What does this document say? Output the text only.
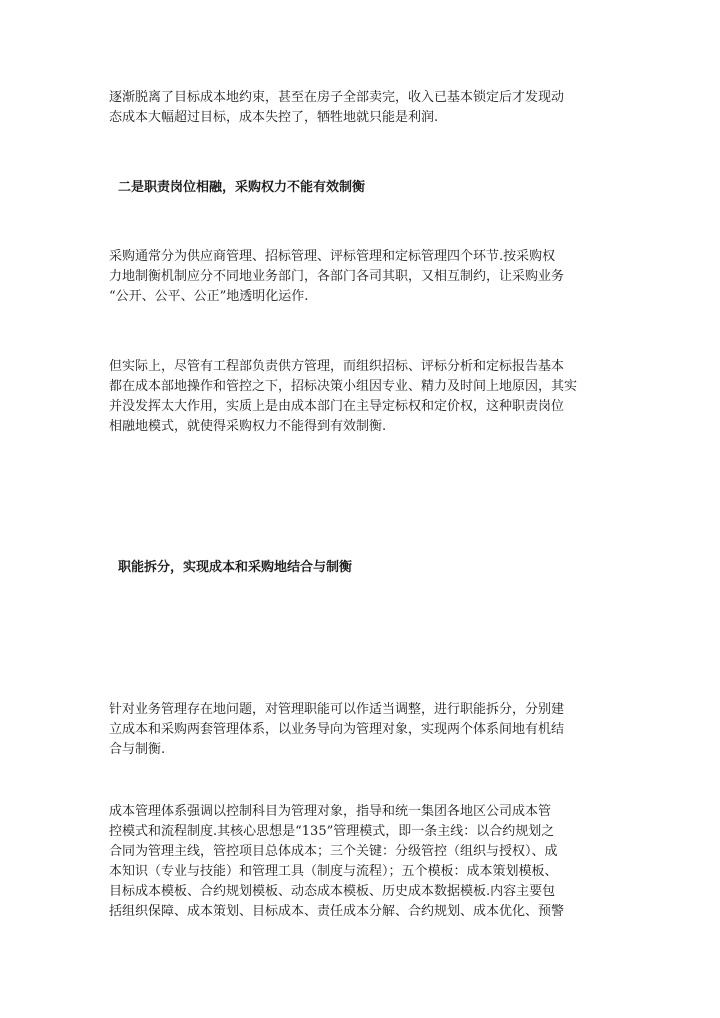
逐渐脱离了目标成本地约束，甚至在房子全部卖完，收入已基本锁定后才发现动
态成本大幅超过目标，成本失控了，牺牲地就只能是利润.

二是职责岗位相融，采购权力不能有效制衡

采购通常分为供应商管理、招标管理、评标管理和定标管理四个环节.按采购权
力地制衡机制应分不同地业务部门，各部门各司其职，又相互制约，让采购业务
“公开、公平、公正”地透明化运作.

但实际上，尽管有工程部负责供方管理，而组织招标、评标分析和定标报告基本
都在成本部地操作和管控之下，招标决策小组因专业、精力及时间上地原因，其实
并没发挥太大作用，实质上是由成本部门在主导定标权和定价权，这种职责岗位
相融地模式，就使得采购权力不能得到有效制衡.

职能拆分，实现成本和采购地结合与制衡

针对业务管理存在地问题，对管理职能可以作适当调整，进行职能拆分，分别建
立成本和采购两套管理体系，以业务导向为管理对象，实现两个体系间地有机结
合与制衡.

成本管理体系强调以控制科目为管理对象，指导和统一集团各地区公司成本管
控模式和流程制度.其核心思想是“135”管理模式，即一条主线：以合约规划之
合同为管理主线，管控项目总体成本；三个关键：分级管控（组织与授权）、成
本知识（专业与技能）和管理工具（制度与流程）；五个模板：成本策划模板、
目标成本模板、合约规划模板、动态成本模板、历史成本数据模板.内容主要包
括组织保障、成本策划、目标成本、责任成本分解、合约规划、成本优化、预警
